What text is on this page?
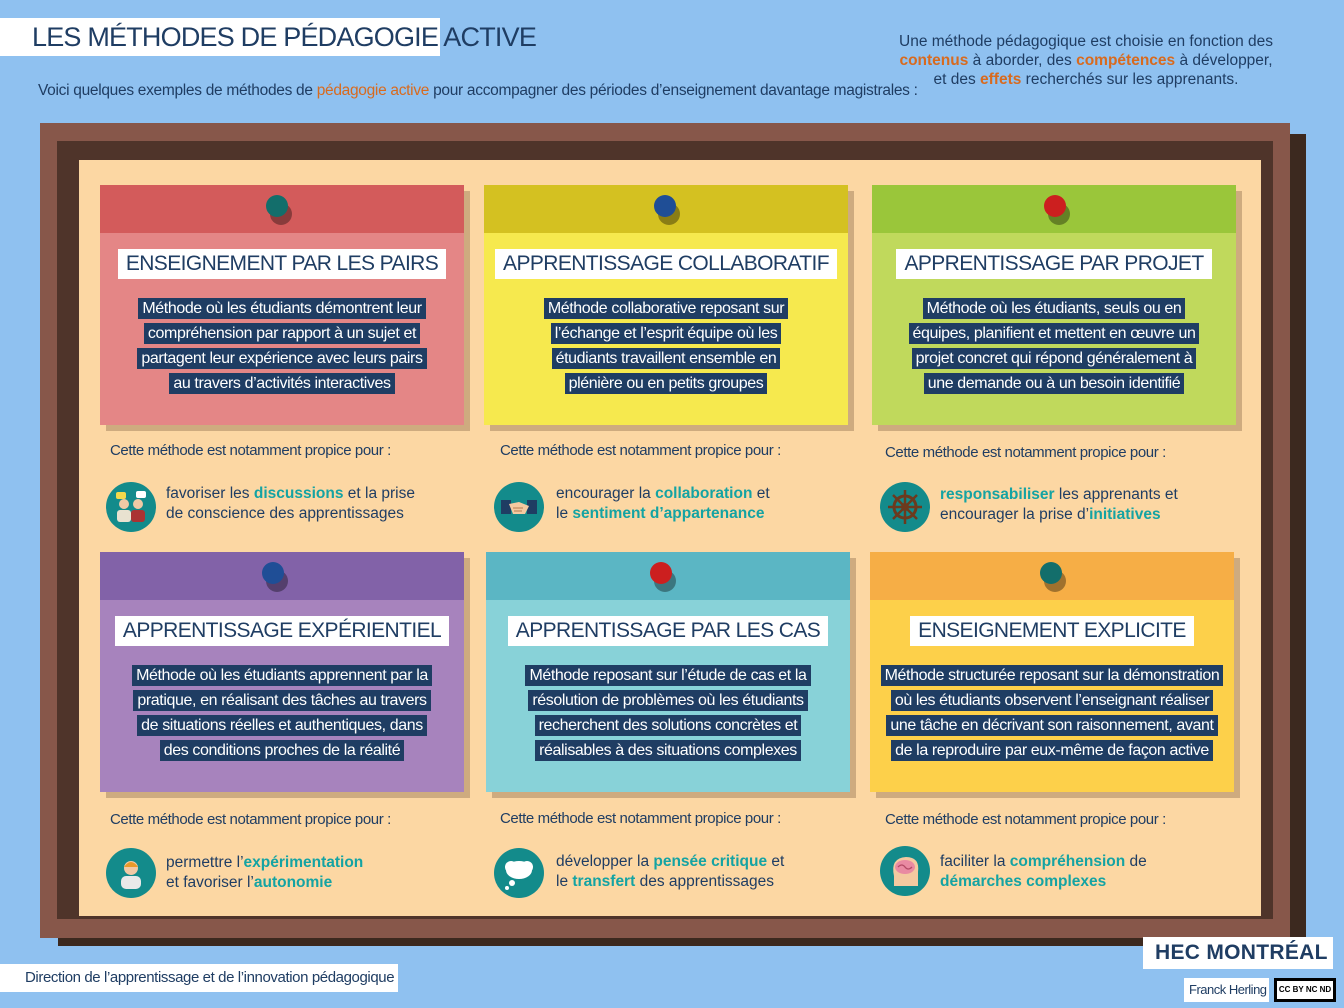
LES MÉTHODES DE PÉDAGOGIE ACTIVE
Voici quelques exemples de méthodes de pédagogie active pour accompagner des périodes d’enseignement davantage magistrales :
Une méthode pédagogique est choisie en fonction des
contenus à aborder, des compétences à développer,
et des effets recherchés sur les apprenants.
ENSEIGNEMENT PAR LES PAIRS
Méthode où les étudiants démontrent leur
compréhension par rapport à un sujet et
partagent leur expérience avec leurs pairs
au travers d’activités interactives

Cette méthode est notamment propice pour :
favoriser les discussions et la prise
de conscience des apprentissages
APPRENTISSAGE COLLABORATIF
Méthode collaborative reposant sur
l’échange et l’esprit équipe où les
étudiants travaillent ensemble en
plénière ou en petits groupes

Cette méthode est notamment propice pour :
encourager la collaboration et
le sentiment d’appartenance
APPRENTISSAGE PAR PROJET
Méthode où les étudiants, seuls ou en
équipes, planifient et mettent en œuvre un
projet concret qui répond généralement à
une demande ou à un besoin identifié

Cette méthode est notamment propice pour :
responsabiliser les apprenants et
encourager la prise d’initiatives
APPRENTISSAGE EXPÉRIENTIEL
Méthode où les étudiants apprennent par la
pratique, en réalisant des tâches au travers
de situations réelles et authentiques, dans
des conditions proches de la réalité

Cette méthode est notamment propice pour :
permettre l’expérimentation
et favoriser l’autonomie
APPRENTISSAGE PAR LES CAS
Méthode reposant sur l’étude de cas et la
résolution de problèmes où les étudiants
recherchent des solutions concrètes et
réalisables à des situations complexes

Cette méthode est notamment propice pour :
développer la pensée critique et
le transfert des apprentissages
ENSEIGNEMENT EXPLICITE
Méthode structurée reposant sur la démonstration
où les étudiants observent l’enseignant réaliser
une tâche en décrivant son raisonnement, avant
de la reproduire par eux-même de façon active

Cette méthode est notamment propice pour :
faciliter la compréhension de
démarches complexes
Direction de l’apprentissage et de l’innovation pédagogique
HEC MONTRÉAL
Franck Herling CC BY NC ND
